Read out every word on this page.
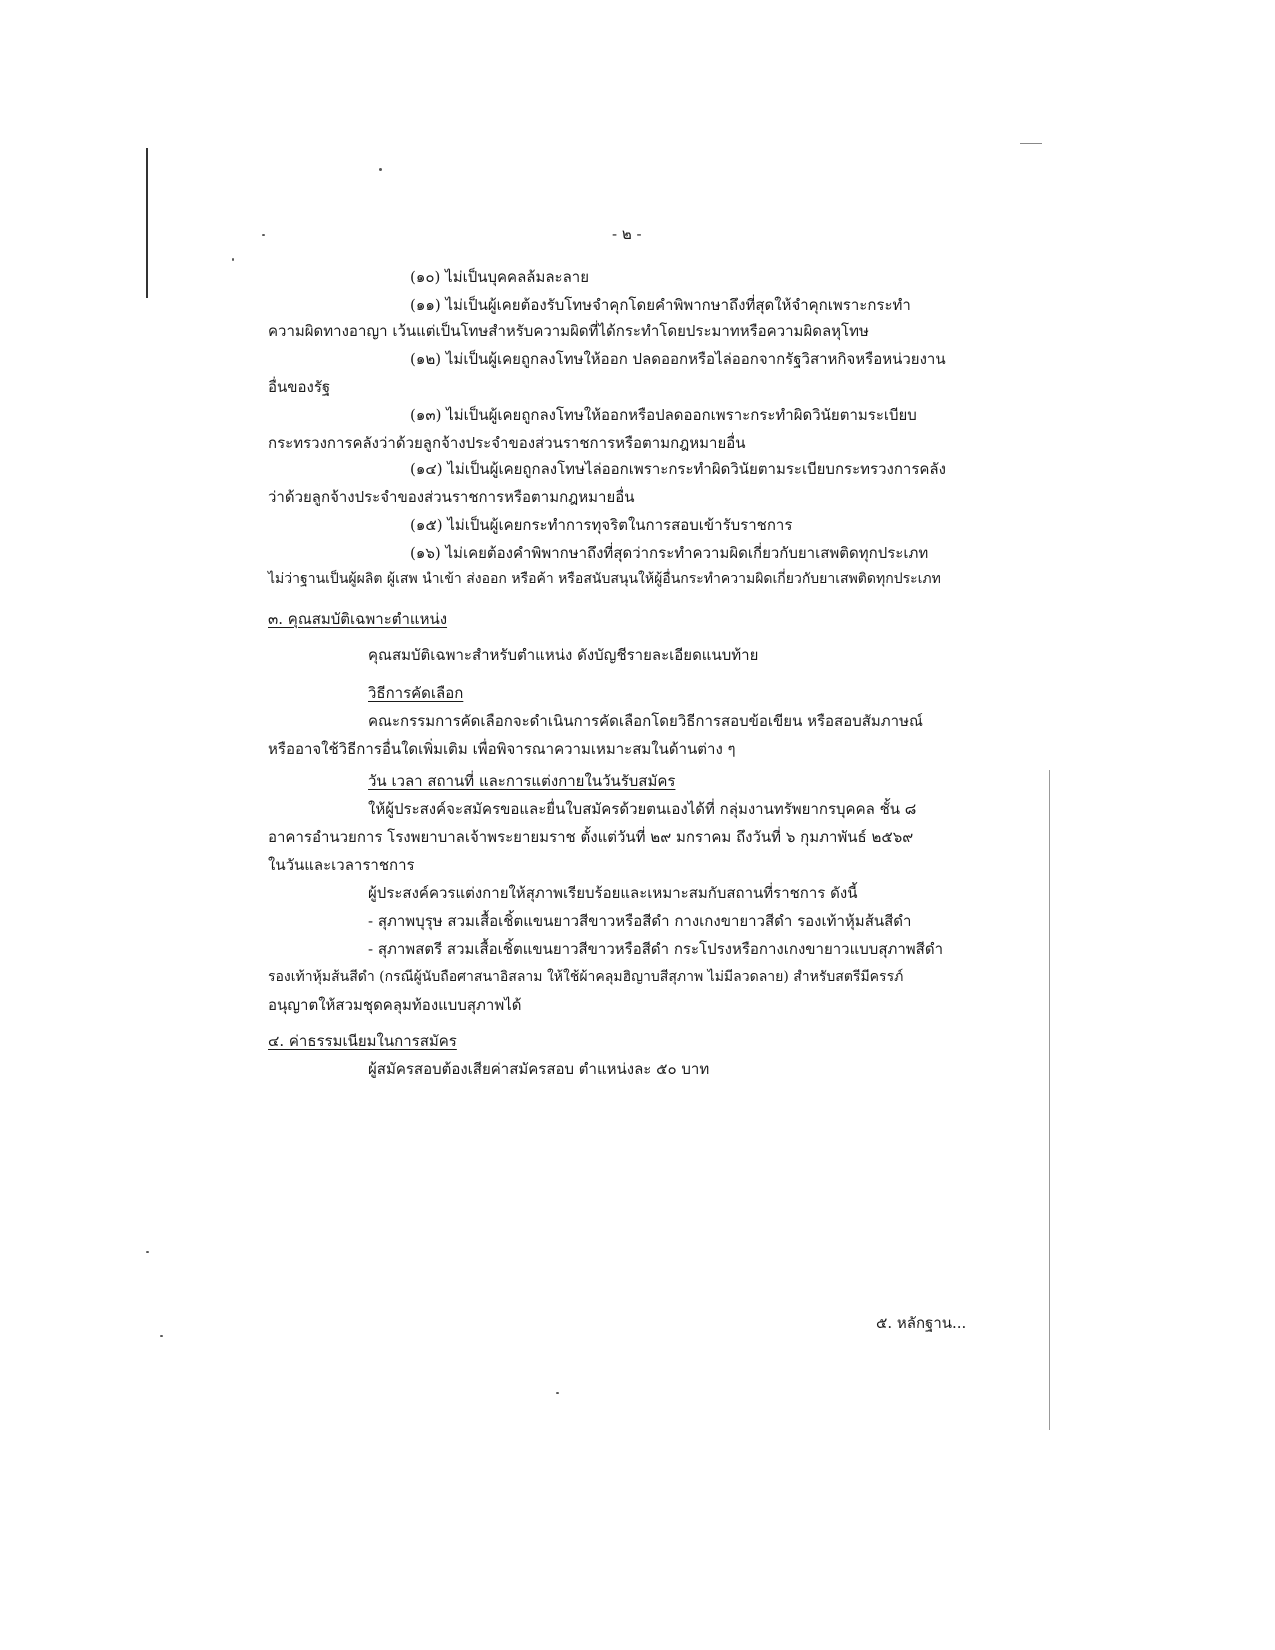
- ๒ -
(๑๐) ไม่เป็นบุคคลล้มละลาย
(๑๑) ไม่เป็นผู้เคยต้องรับโทษจำคุกโดยคำพิพากษาถึงที่สุดให้จำคุกเพราะกระทำ
ความผิดทางอาญา เว้นแต่เป็นโทษสำหรับความผิดที่ได้กระทำโดยประมาทหรือความผิดลหุโทษ
(๑๒) ไม่เป็นผู้เคยถูกลงโทษให้ออก ปลดออกหรือไล่ออกจากรัฐวิสาหกิจหรือหน่วยงาน
อื่นของรัฐ
(๑๓) ไม่เป็นผู้เคยถูกลงโทษให้ออกหรือปลดออกเพราะกระทำผิดวินัยตามระเบียบ
กระทรวงการคลังว่าด้วยลูกจ้างประจำของส่วนราชการหรือตามกฎหมายอื่น
(๑๔) ไม่เป็นผู้เคยถูกลงโทษไล่ออกเพราะกระทำผิดวินัยตามระเบียบกระทรวงการคลัง
ว่าด้วยลูกจ้างประจำของส่วนราชการหรือตามกฎหมายอื่น
(๑๕) ไม่เป็นผู้เคยกระทำการทุจริตในการสอบเข้ารับราชการ
(๑๖) ไม่เคยต้องคำพิพากษาถึงที่สุดว่ากระทำความผิดเกี่ยวกับยาเสพติดทุกประเภท
ไม่ว่าฐานเป็นผู้ผลิต ผู้เสพ นำเข้า ส่งออก หรือค้า หรือสนับสนุนให้ผู้อื่นกระทำความผิดเกี่ยวกับยาเสพติดทุกประเภท
๓. คุณสมบัติเฉพาะตำแหน่ง
คุณสมบัติเฉพาะสำหรับตำแหน่ง ดังบัญชีรายละเอียดแนบท้าย
วิธีการคัดเลือก
คณะกรรมการคัดเลือกจะดำเนินการคัดเลือกโดยวิธีการสอบข้อเขียน หรือสอบสัมภาษณ์
หรืออาจใช้วิธีการอื่นใดเพิ่มเติม เพื่อพิจารณาความเหมาะสมในด้านต่าง ๆ
วัน เวลา สถานที่ และการแต่งกายในวันรับสมัคร
ให้ผู้ประสงค์จะสมัครขอและยื่นใบสมัครด้วยตนเองได้ที่ กลุ่มงานทรัพยากรบุคคล ชั้น ๘
อาคารอำนวยการ โรงพยาบาลเจ้าพระยายมราช ตั้งแต่วันที่ ๒๙ มกราคม ถึงวันที่ ๖ กุมภาพันธ์ ๒๕๖๙
ในวันและเวลาราชการ
ผู้ประสงค์ควรแต่งกายให้สุภาพเรียบร้อยและเหมาะสมกับสถานที่ราชการ ดังนี้
- สุภาพบุรุษ สวมเสื้อเชิ้ตแขนยาวสีขาวหรือสีดำ กางเกงขายาวสีดำ รองเท้าหุ้มส้นสีดำ
- สุภาพสตรี สวมเสื้อเชิ้ตแขนยาวสีขาวหรือสีดำ กระโปรงหรือกางเกงขายาวแบบสุภาพสีดำ
รองเท้าหุ้มส้นสีดำ (กรณีผู้นับถือศาสนาอิสลาม ให้ใช้ผ้าคลุมฮิญาบสีสุภาพ ไม่มีลวดลาย) สำหรับสตรีมีครรภ์
อนุญาตให้สวมชุดคลุมท้องแบบสุภาพได้
๔. ค่าธรรมเนียมในการสมัคร
ผู้สมัครสอบต้องเสียค่าสมัครสอบ ตำแหน่งละ ๕๐ บาท
๕. หลักฐาน...
